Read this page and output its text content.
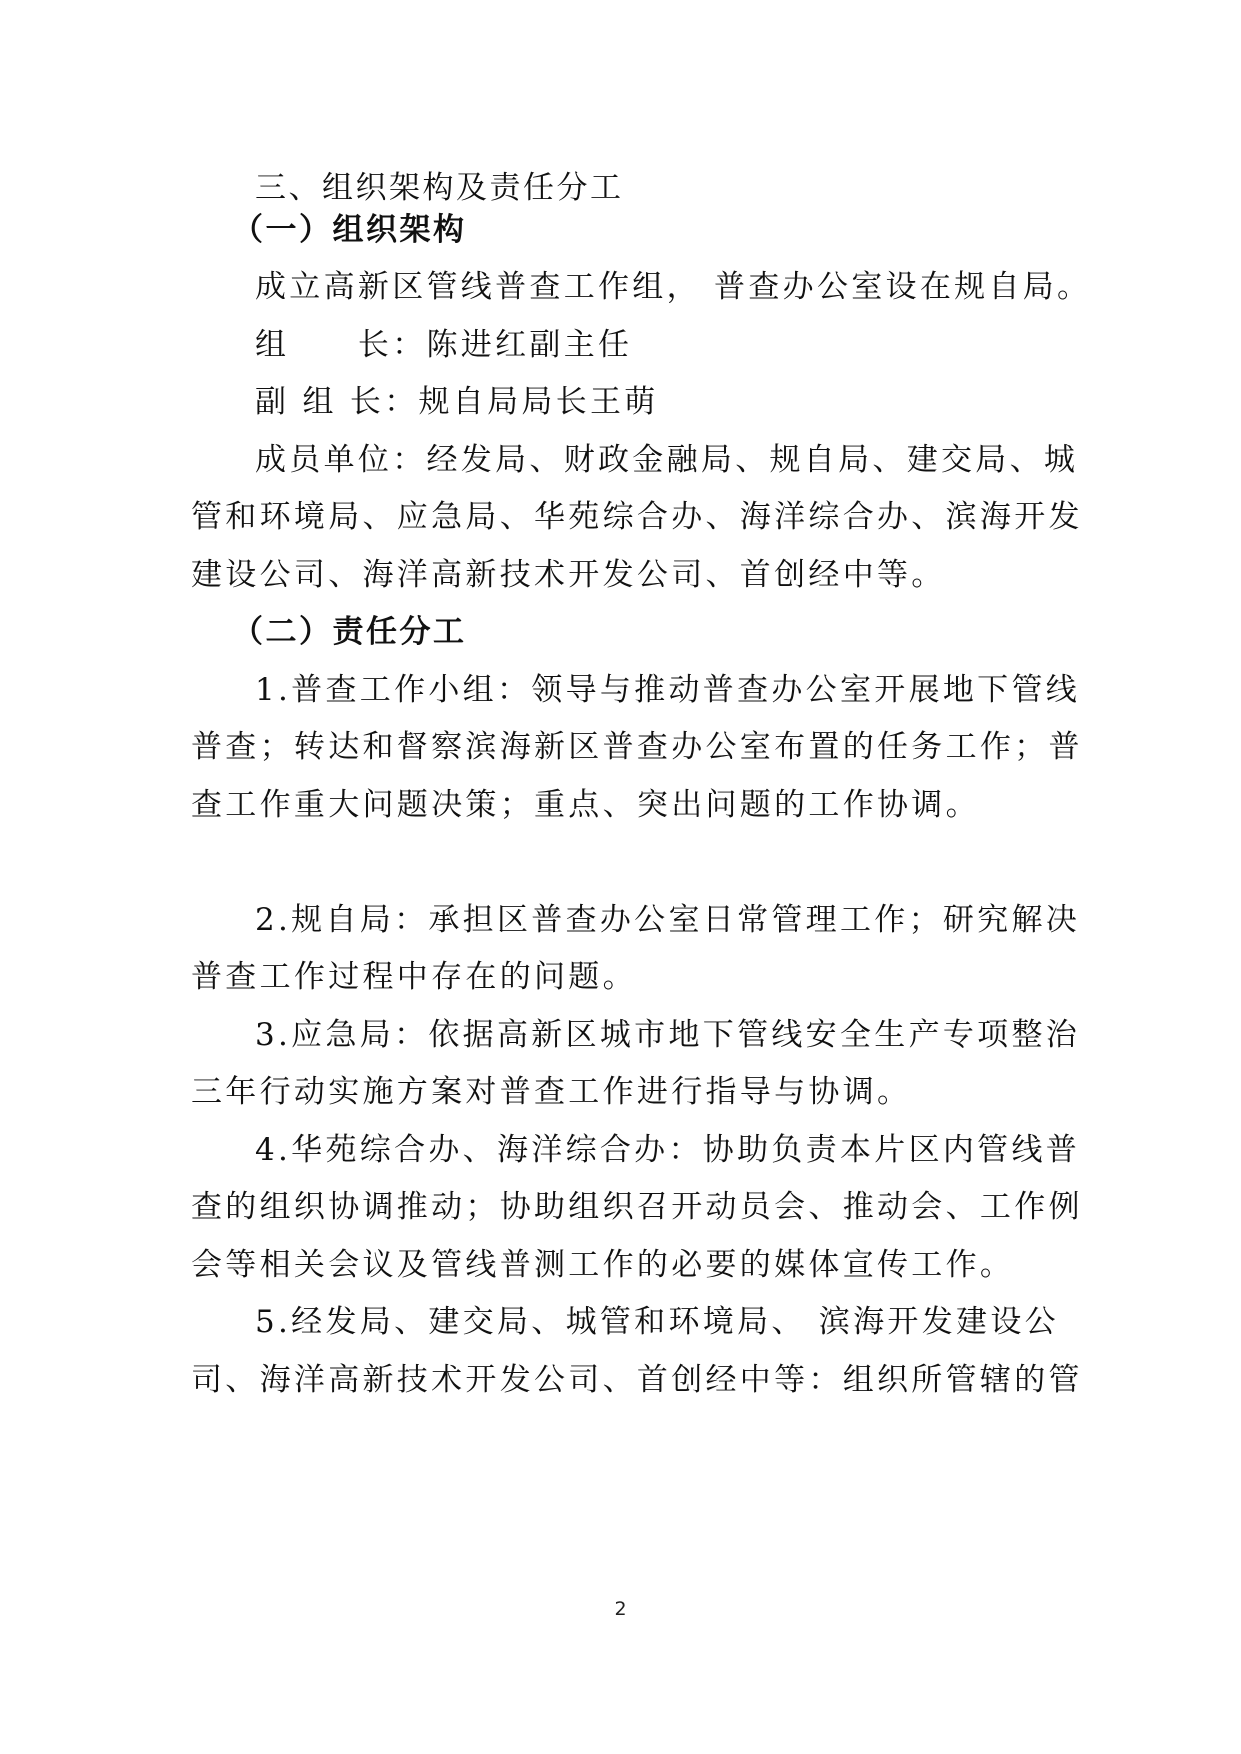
三、组织架构及责任分工
（一）组织架构
成立高新区管线普查工作组， 普查办公室设在规自局。
组　　长：陈进红副主任
副 组 长：规自局局长王萌
成员单位：经发局、财政金融局、规自局、建交局、城
管和环境局、应急局、华苑综合办、海洋综合办、滨海开发
建设公司、海洋高新技术开发公司、首创经中等。
（二）责任分工
1.普查工作小组：领导与推动普查办公室开展地下管线
普查；转达和督察滨海新区普查办公室布置的任务工作；普
查工作重大问题决策；重点、突出问题的工作协调。
2.规自局：承担区普查办公室日常管理工作；研究解决
普查工作过程中存在的问题。
3.应急局：依据高新区城市地下管线安全生产专项整治
三年行动实施方案对普查工作进行指导与协调。
4.华苑综合办、海洋综合办：协助负责本片区内管线普
查的组织协调推动；协助组织召开动员会、推动会、工作例
会等相关会议及管线普测工作的必要的媒体宣传工作。
5.经发局、建交局、城管和环境局、 滨海开发建设公
司、海洋高新技术开发公司、首创经中等：组织所管辖的管
2
